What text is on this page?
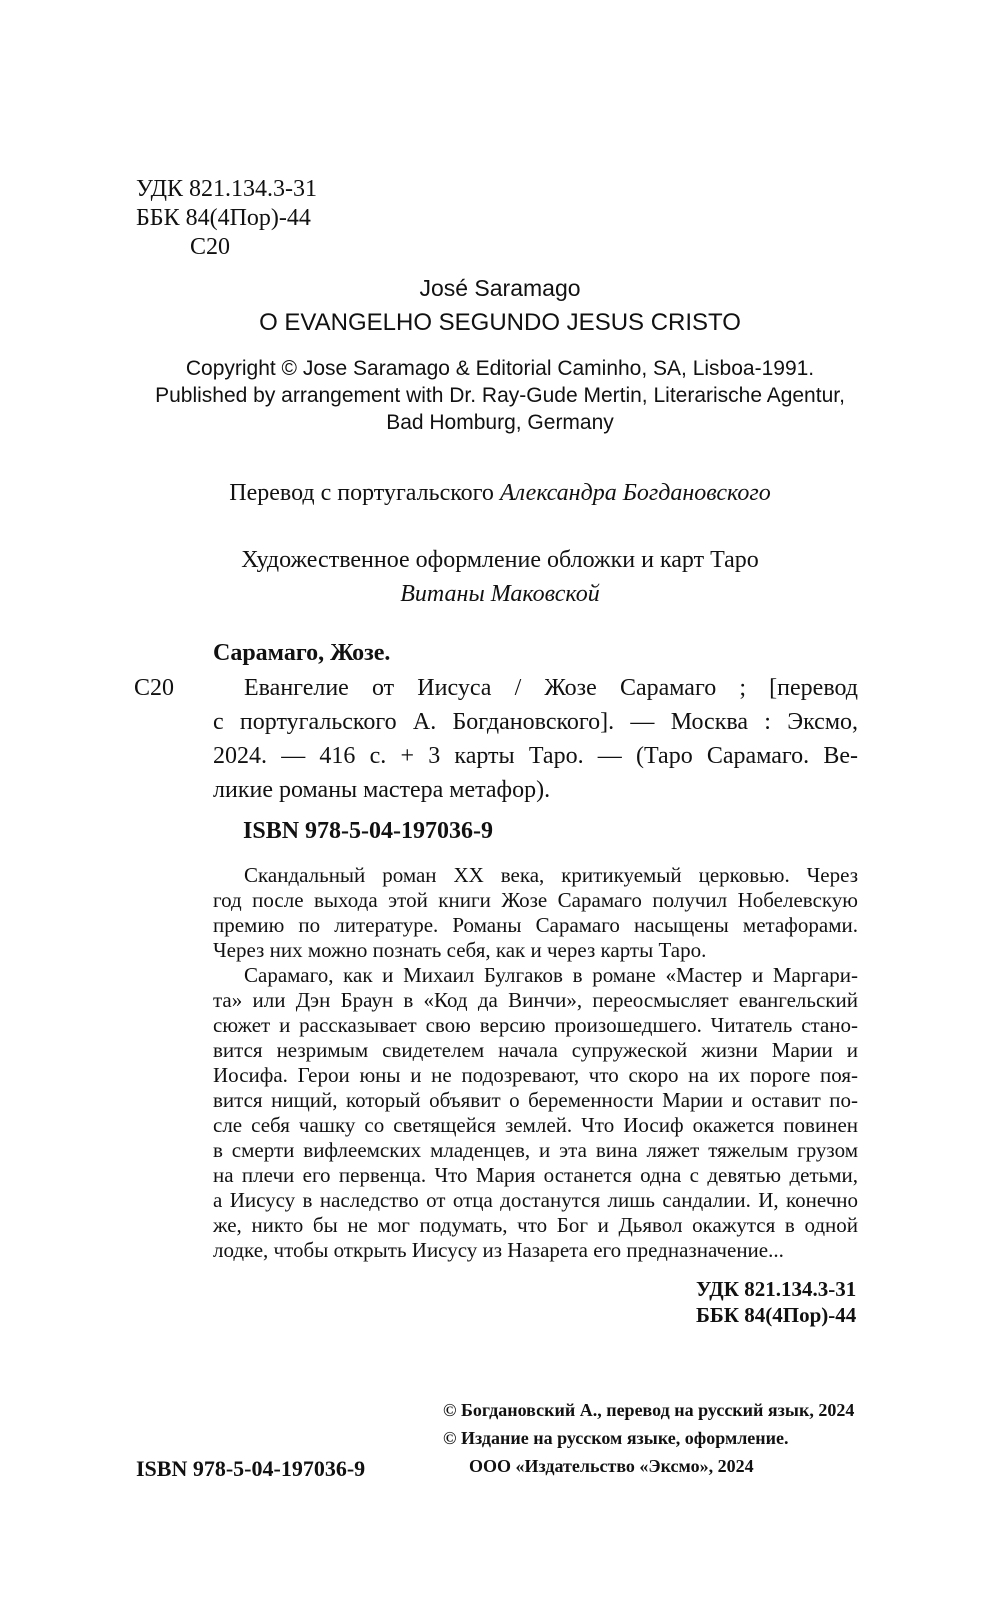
УДК 821.134.3-31
ББК 84(4Пор)-44
С20
José Saramago
O EVANGELHO SEGUNDO JESUS CRISTO
Copyright © Jose Saramago & Editorial Caminho, SA, Lisboa-1991.
Published by arrangement with Dr. Ray-Gude Mertin, Literarische Agentur,
Bad Homburg, Germany
Перевод с португальского Александра Богдановского
Художественное оформление обложки и карт Таро
Витаны Маковской
Сарамаго, Жозе.
С20	Евангелие от Иисуса / Жозе Сарамаго ; [перевод
с португальского А. Богдановского]. — Москва : Эксмо,
2024. — 416 с. + 3 карты Таро. — (Таро Сарамаго. Ве-
ликие романы мастера метафор).
ISBN 978-5-04-197036-9
Скандальный роман XX века, критикуемый церковью. Через
год после выхода этой книги Жозе Сарамаго получил Нобелевскую
премию по литературе. Романы Сарамаго насыщены метафорами.
Через них можно познать себя, как и через карты Таро.
Сарамаго, как и Михаил Булгаков в романе «Мастер и Маргари-
та» или Дэн Браун в «Код да Винчи», переосмысляет евангельский
сюжет и рассказывает свою версию произошедшего. Читатель стано-
вится незримым свидетелем начала супружеской жизни Марии и
Иосифа. Герои юны и не подозревают, что скоро на их пороге поя-
вится нищий, который объявит о беременности Марии и оставит по-
сле себя чашку со светящейся землей. Что Иосиф окажется повинен
в смерти вифлеемских младенцев, и эта вина ляжет тяжелым грузом
на плечи его первенца. Что Мария останется одна с девятью детьми,
а Иисусу в наследство от отца достанутся лишь сандалии. И, конечно
же, никто бы не мог подумать, что Бог и Дьявол окажутся в одной
лодке, чтобы открыть Иисусу из Назарета его предназначение...
УДК 821.134.3-31
ББК 84(4Пор)-44
ISBN 978-5-04-197036-9
© Богдановский А., перевод на русский язык, 2024
© Издание на русском языке, оформление.
ООО «Издательство «Эксмо», 2024
